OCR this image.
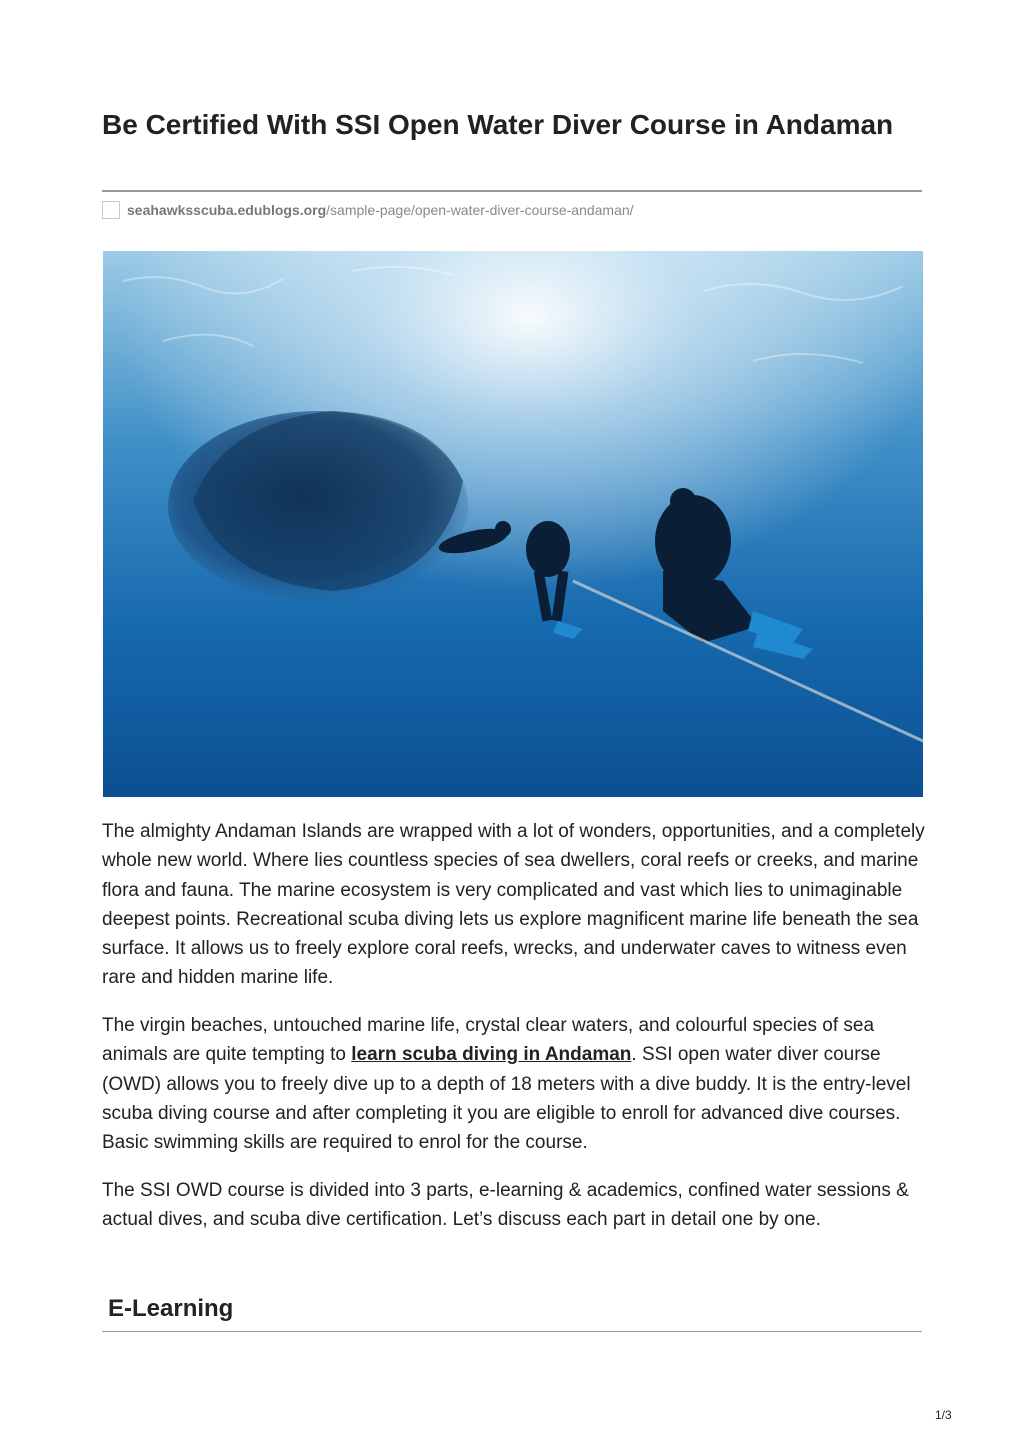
Be Certified With SSI Open Water Diver Course in Andaman
seahawksscuba.edublogs.org/sample-page/open-water-diver-course-andaman/

The almighty Andaman Islands are wrapped with a lot of wonders, opportunities, and a completely whole new world. Where lies countless species of sea dwellers, coral reefs or creeks, and marine flora and fauna. The marine ecosystem is very complicated and vast which lies to unimaginable deepest points. Recreational scuba diving lets us explore magnificent marine life beneath the sea surface. It allows us to freely explore coral reefs, wrecks, and underwater caves to witness even rare and hidden marine life.

The virgin beaches, untouched marine life, crystal clear waters, and colourful species of sea animals are quite tempting to learn scuba diving in Andaman. SSI open water diver course (OWD) allows you to freely dive up to a depth of 18 meters with a dive buddy. It is the entry-level scuba diving course and after completing it you are eligible to enroll for advanced dive courses. Basic swimming skills are required to enrol for the course.

The SSI OWD course is divided into 3 parts, e-learning & academics, confined water sessions & actual dives, and scuba dive certification. Let’s discuss each part in detail one by one.

E-Learning
1/3
